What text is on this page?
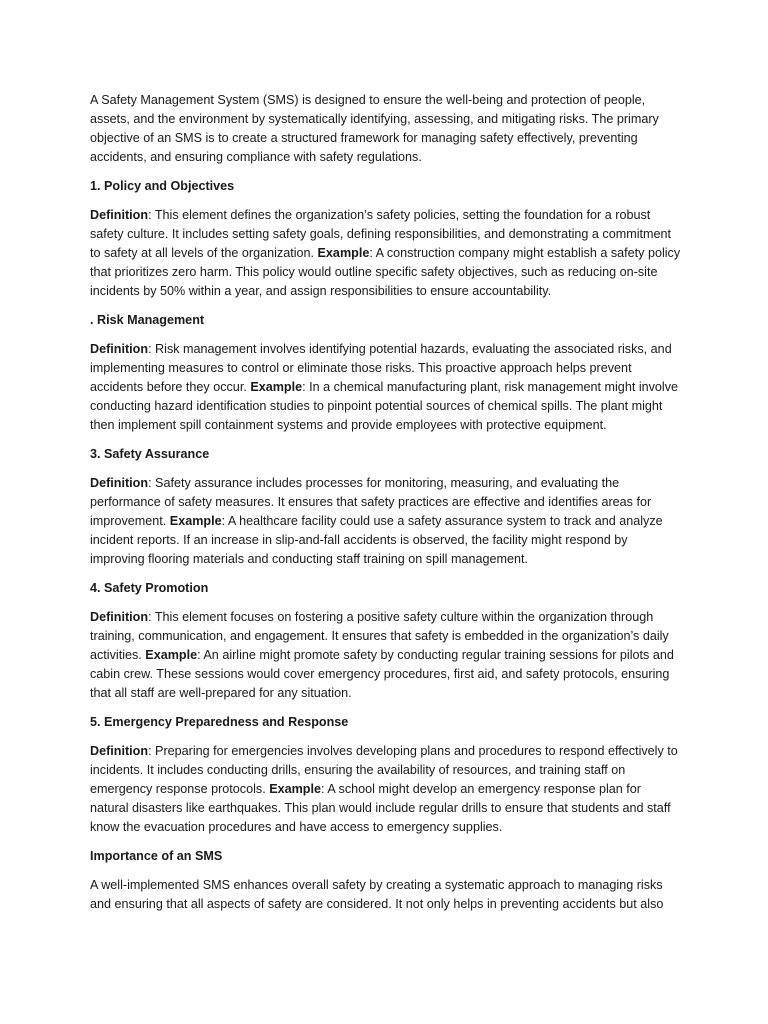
A Safety Management System (SMS) is designed to ensure the well-being and protection of people, assets, and the environment by systematically identifying, assessing, and mitigating risks. The primary objective of an SMS is to create a structured framework for managing safety effectively, preventing accidents, and ensuring compliance with safety regulations.

1. Policy and Objectives

Definition: This element defines the organization’s safety policies, setting the foundation for a robust safety culture. It includes setting safety goals, defining responsibilities, and demonstrating a commitment to safety at all levels of the organization. Example: A construction company might establish a safety policy that prioritizes zero harm. This policy would outline specific safety objectives, such as reducing on-site incidents by 50% within a year, and assign responsibilities to ensure accountability.

. Risk Management

Definition: Risk management involves identifying potential hazards, evaluating the associated risks, and implementing measures to control or eliminate those risks. This proactive approach helps prevent accidents before they occur. Example: In a chemical manufacturing plant, risk management might involve conducting hazard identification studies to pinpoint potential sources of chemical spills. The plant might then implement spill containment systems and provide employees with protective equipment.

3. Safety Assurance

Definition: Safety assurance includes processes for monitoring, measuring, and evaluating the performance of safety measures. It ensures that safety practices are effective and identifies areas for improvement. Example: A healthcare facility could use a safety assurance system to track and analyze incident reports. If an increase in slip-and-fall accidents is observed, the facility might respond by improving flooring materials and conducting staff training on spill management.

4. Safety Promotion

Definition: This element focuses on fostering a positive safety culture within the organization through training, communication, and engagement. It ensures that safety is embedded in the organization’s daily activities. Example: An airline might promote safety by conducting regular training sessions for pilots and cabin crew. These sessions would cover emergency procedures, first aid, and safety protocols, ensuring that all staff are well-prepared for any situation.

5. Emergency Preparedness and Response

Definition: Preparing for emergencies involves developing plans and procedures to respond effectively to incidents. It includes conducting drills, ensuring the availability of resources, and training staff on emergency response protocols. Example: A school might develop an emergency response plan for natural disasters like earthquakes. This plan would include regular drills to ensure that students and staff know the evacuation procedures and have access to emergency supplies.

Importance of an SMS

A well-implemented SMS enhances overall safety by creating a systematic approach to managing risks and ensuring that all aspects of safety are considered. It not only helps in preventing accidents but also
